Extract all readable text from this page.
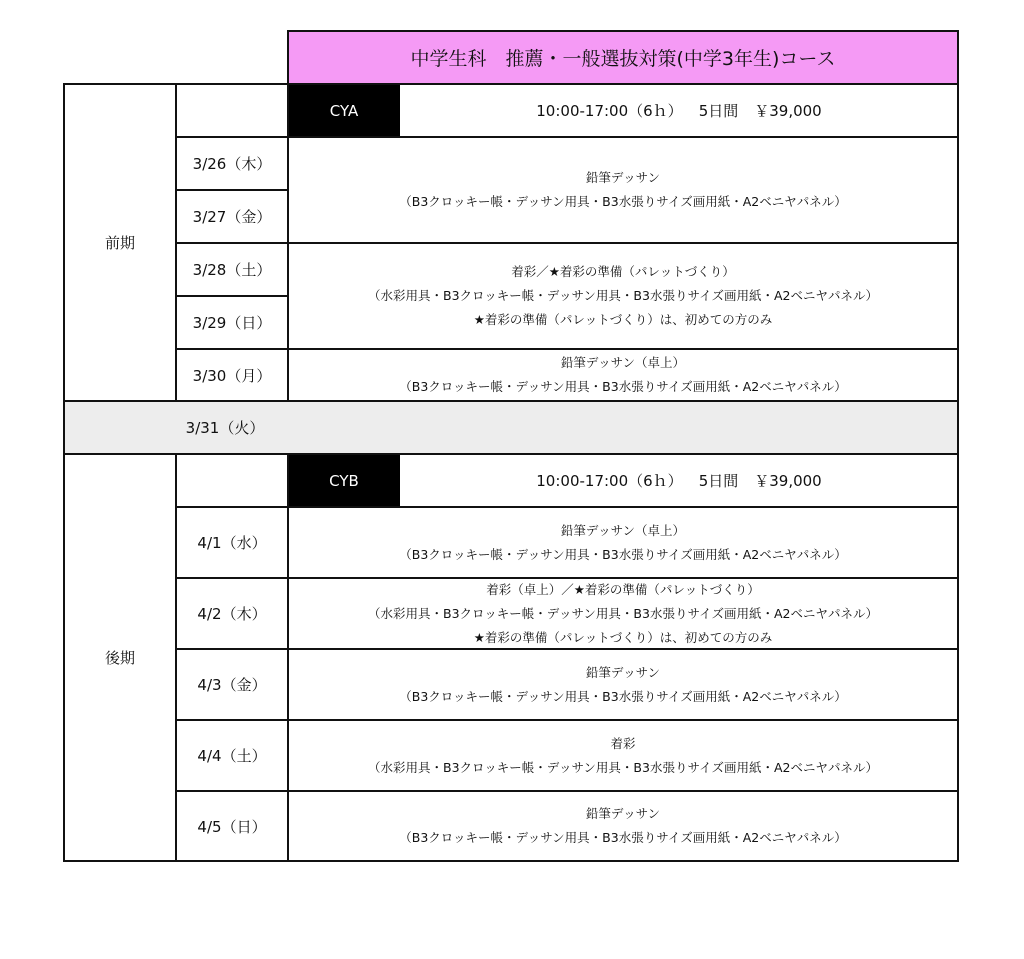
中学生科　推薦・一般選抜対策(中学3年生)コース
前期
CYA	10:00-17:00（6ｈ） 5日間 ￥39,000
3/26（木）
3/27（金）
3/28（土）
3/29（日）
3/30（月）
鉛筆デッサン
（B3クロッキー帳・デッサン用具・B3水張りサイズ画用紙・A2ベニヤパネル）
着彩／★着彩の準備（パレットづくり）
（水彩用具・B3クロッキー帳・デッサン用具・B3水張りサイズ画用紙・A2ベニヤパネル）
★着彩の準備（パレットづくり）は、初めての方のみ
鉛筆デッサン（卓上）
（B3クロッキー帳・デッサン用具・B3水張りサイズ画用紙・A2ベニヤパネル）
3/31（火）
後期
CYB	10:00-17:00（6ｈ） 5日間 ￥39,000
4/1（水）
4/2（木）
4/3（金）
4/4（土）
4/5（日）
鉛筆デッサン（卓上）
（B3クロッキー帳・デッサン用具・B3水張りサイズ画用紙・A2ベニヤパネル）
着彩（卓上）／★着彩の準備（パレットづくり）
（水彩用具・B3クロッキー帳・デッサン用具・B3水張りサイズ画用紙・A2ベニヤパネル）
★着彩の準備（パレットづくり）は、初めての方のみ
鉛筆デッサン
（B3クロッキー帳・デッサン用具・B3水張りサイズ画用紙・A2ベニヤパネル）
着彩
（水彩用具・B3クロッキー帳・デッサン用具・B3水張りサイズ画用紙・A2ベニヤパネル）
鉛筆デッサン
（B3クロッキー帳・デッサン用具・B3水張りサイズ画用紙・A2ベニヤパネル）
